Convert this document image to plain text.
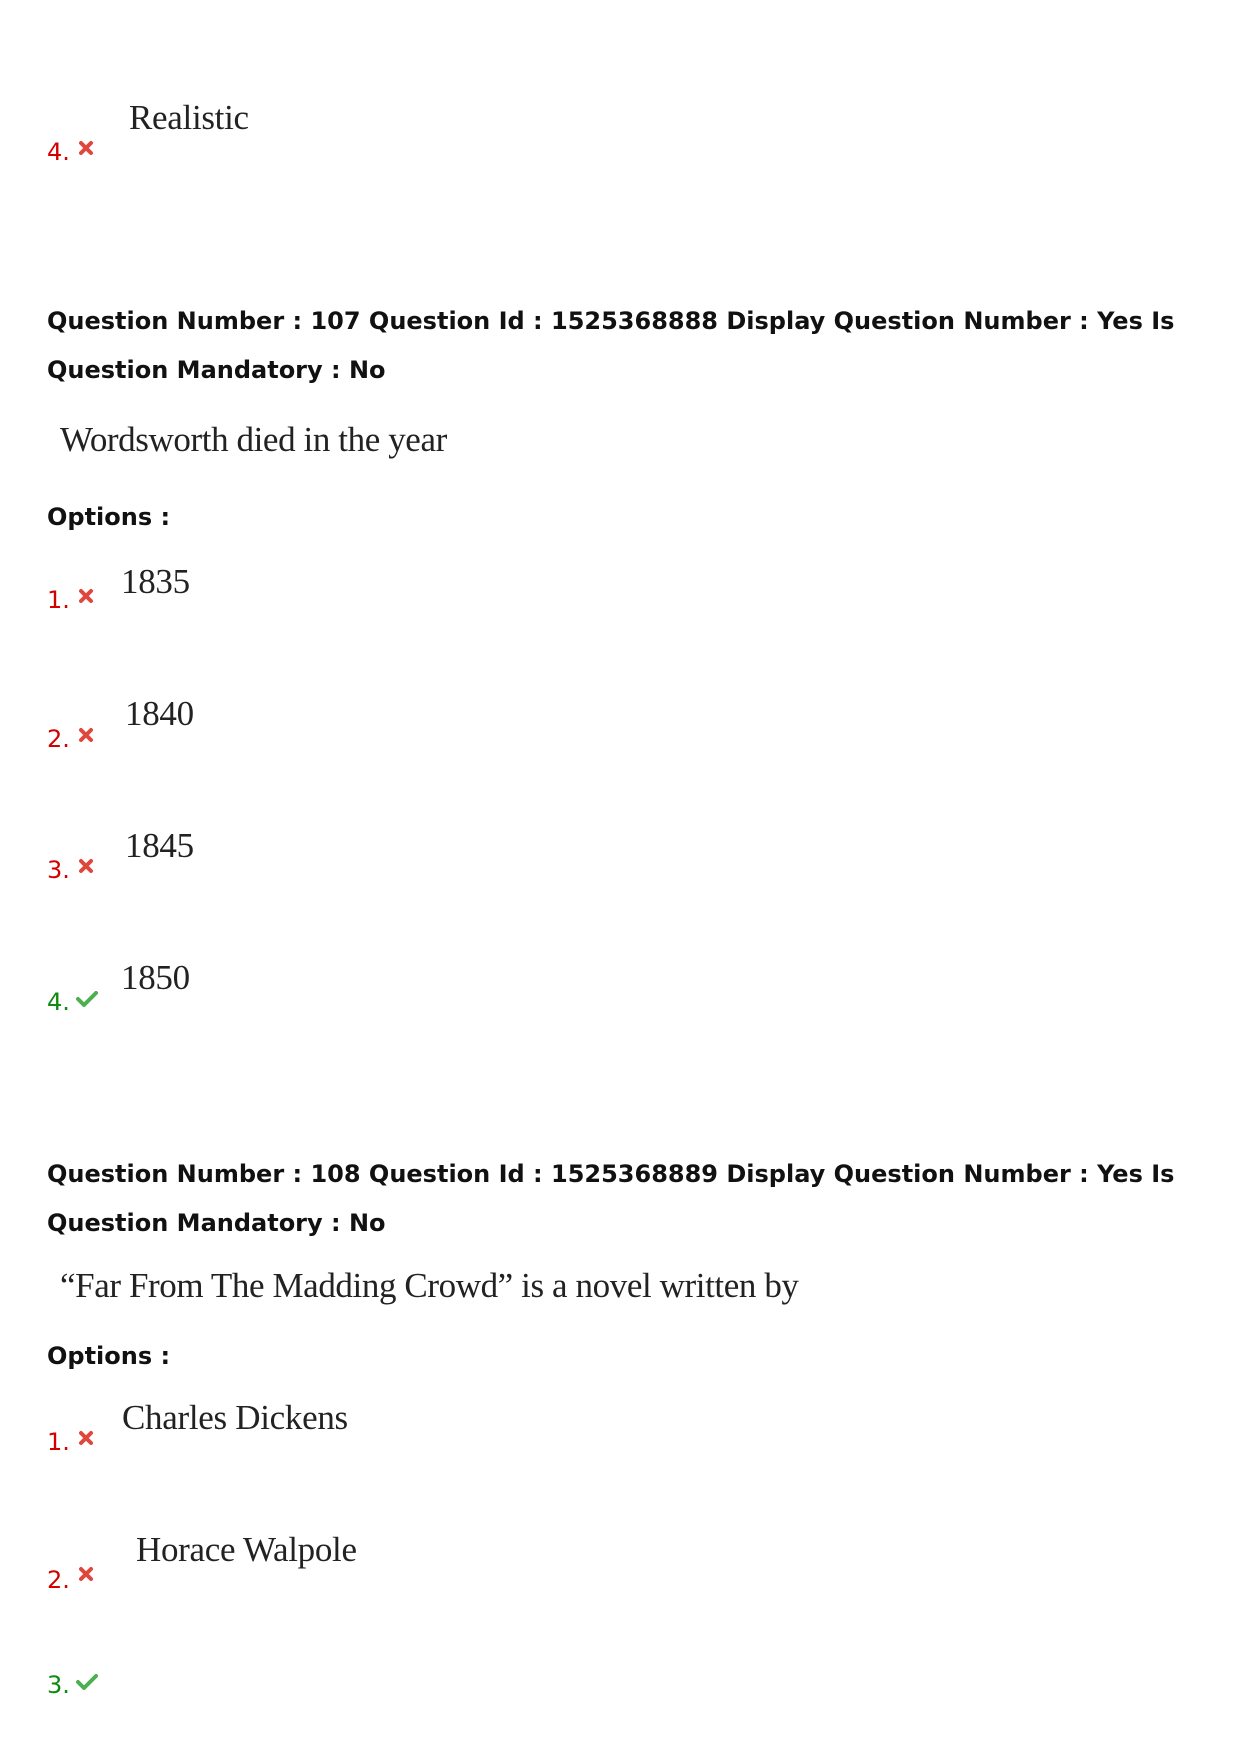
Realistic
4.
Question Number : 107 Question Id : 1525368888 Display Question Number : Yes Is Question Mandatory : No
Wordsworth died in the year
Options :
1835
1.
1840
2.
1845
3.
1850
4.
Question Number : 108 Question Id : 1525368889 Display Question Number : Yes Is Question Mandatory : No
“Far From The Madding Crowd” is a novel written by
Options :
Charles Dickens
1.
Horace Walpole
2.
3.
